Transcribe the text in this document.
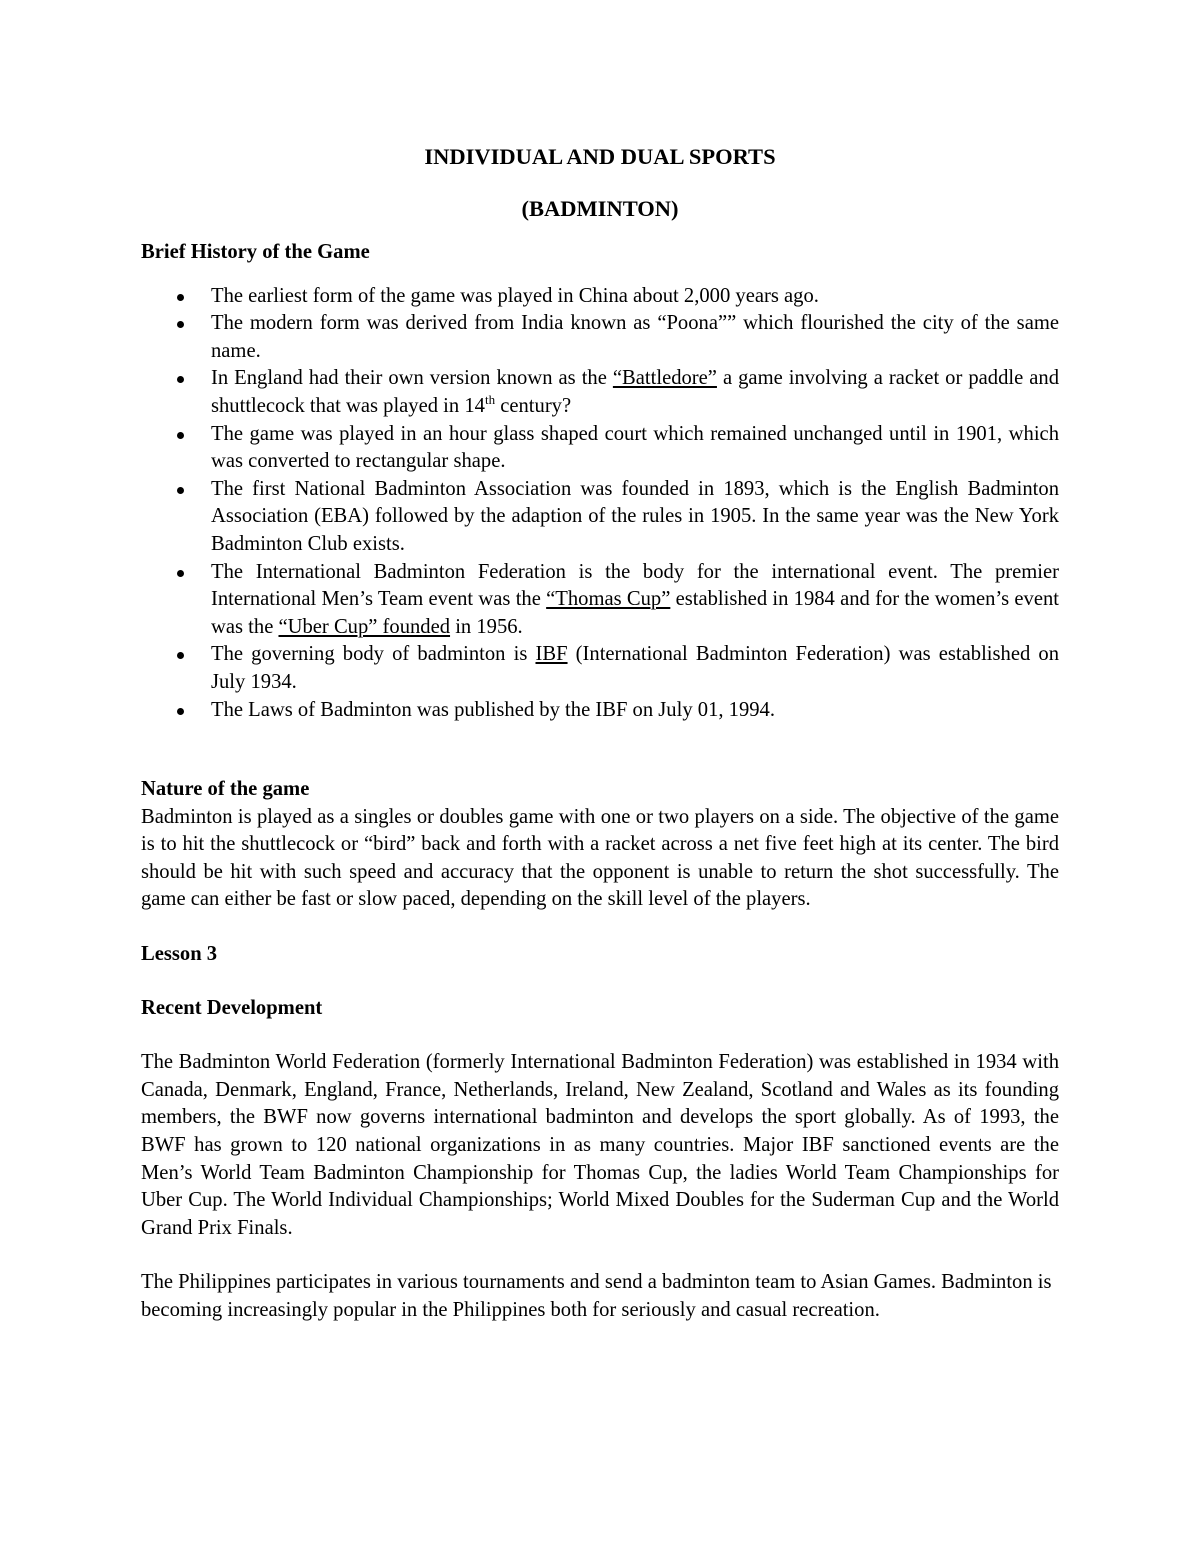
INDIVIDUAL AND DUAL SPORTS

(BADMINTON)

Brief History of the Game

The earliest form of the game was played in China about 2,000 years ago.
The modern form was derived from India known as “Poona”” which flourished the city of the same name.
In England had their own version known as the “Battledore” a game involving a racket or paddle and shuttlecock that was played in 14th century?
The game was played in an hour glass shaped court which remained unchanged until in 1901, which was converted to rectangular shape.
The first National Badminton Association was founded in 1893, which is the English Badminton Association (EBA) followed by the adaption of the rules in 1905. In the same year was the New York Badminton Club exists.
The International Badminton Federation is the body for the international event. The premier International Men’s Team event was the “Thomas Cup” established in 1984 and for the women’s event was the “Uber Cup” founded in 1956.
The governing body of badminton is IBF (International Badminton Federation) was established on July 1934.
The Laws of Badminton was published by the IBF on July 01, 1994.

Nature of the game

Badminton is played as a singles or doubles game with one or two players on a side. The objective of the game is to hit the shuttlecock or “bird” back and forth with a racket across a net five feet high at its center. The bird should be hit with such speed and accuracy that the opponent is unable to return the shot successfully. The game can either be fast or slow paced, depending on the skill level of the players.

Lesson 3

Recent Development

The Badminton World Federation (formerly International Badminton Federation) was established in 1934 with Canada, Denmark, England, France, Netherlands, Ireland, New Zealand, Scotland and Wales as its founding members, the BWF now governs international badminton and develops the sport globally. As of 1993, the BWF has grown to 120 national organizations in as many countries. Major IBF sanctioned events are the Men’s World Team Badminton Championship for Thomas Cup, the ladies World Team Championships for Uber Cup. The World Individual Championships; World Mixed Doubles for the Suderman Cup and the World Grand Prix Finals.

The Philippines participates in various tournaments and send a badminton team to Asian Games. Badminton is becoming increasingly popular in the Philippines both for seriously and casual recreation.
